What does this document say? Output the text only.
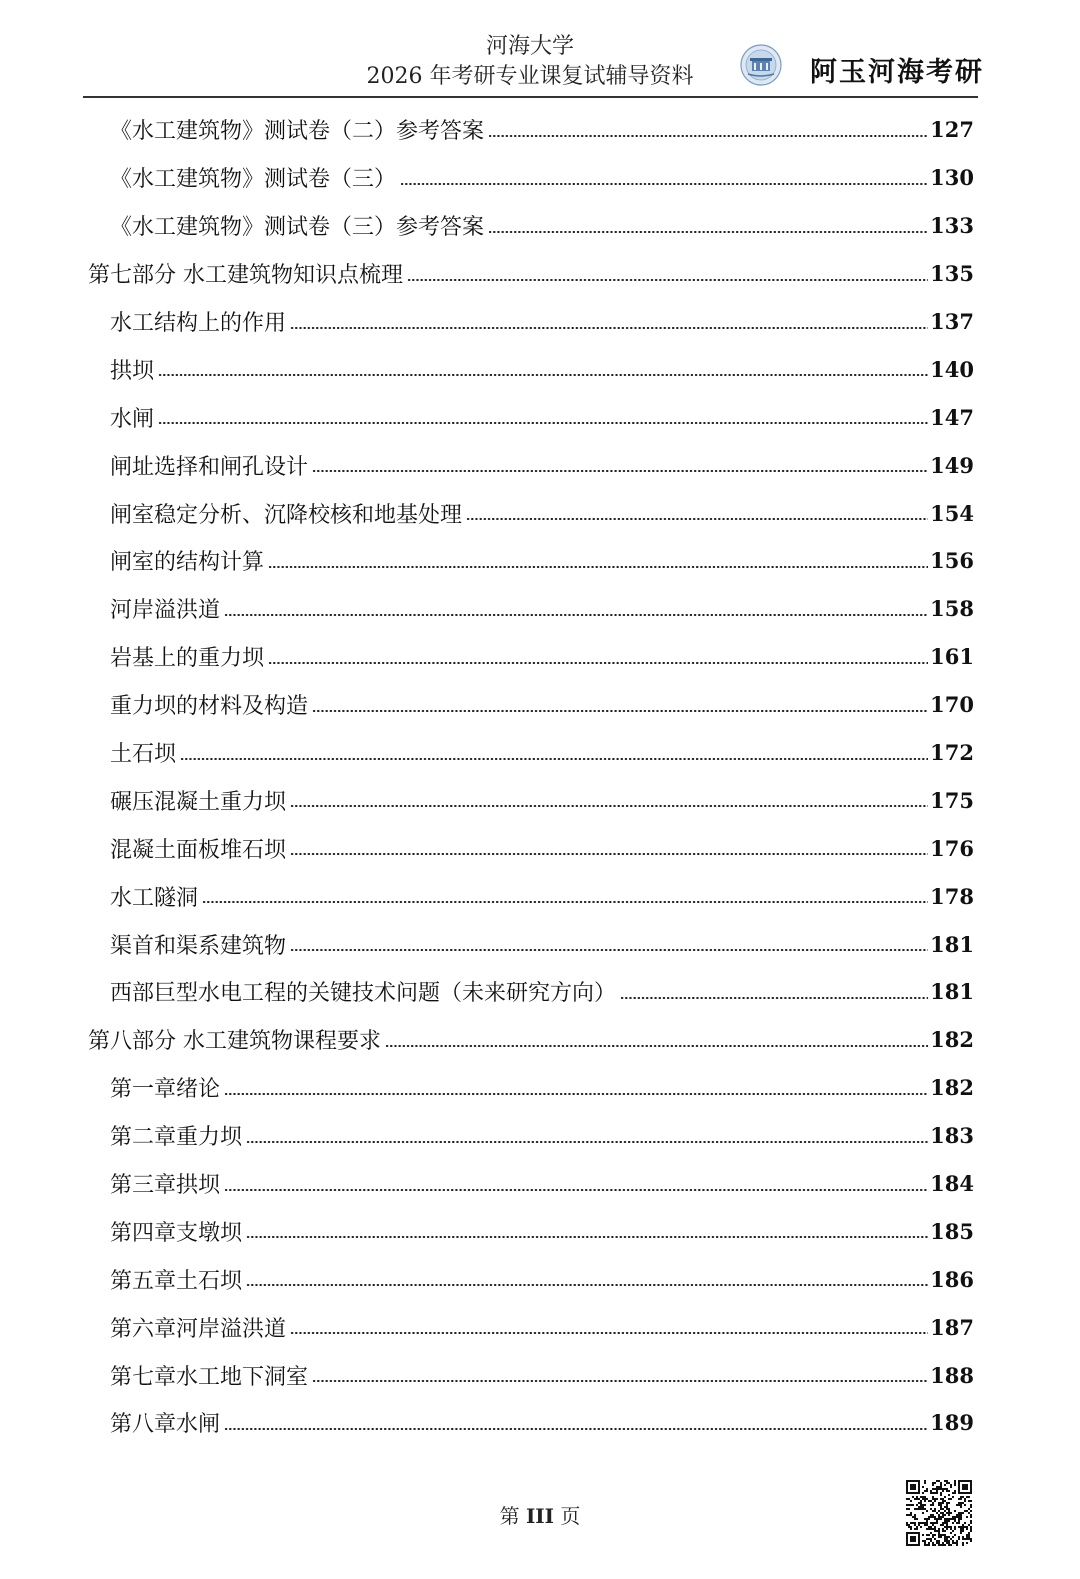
河海大学
2026 年考研专业课复试辅导资料	阿玉河海考研
《水工建筑物》测试卷（二）参考答案	127
《水工建筑物》测试卷（三）	130
《水工建筑物》测试卷（三）参考答案	133
第七部分 水工建筑物知识点梳理	135
水工结构上的作用	137
拱坝	140
水闸	147
闸址选择和闸孔设计	149
闸室稳定分析、沉降校核和地基处理	154
闸室的结构计算	156
河岸溢洪道	158
岩基上的重力坝	161
重力坝的材料及构造	170
土石坝	172
碾压混凝土重力坝	175
混凝土面板堆石坝	176
水工隧洞	178
渠首和渠系建筑物	181
西部巨型水电工程的关键技术问题（未来研究方向）	181
第八部分 水工建筑物课程要求	182
第一章绪论	182
第二章重力坝	183
第三章拱坝	184
第四章支墩坝	185
第五章土石坝	186
第六章河岸溢洪道	187
第七章水工地下洞室	188
第八章水闸	189
第 III 页
